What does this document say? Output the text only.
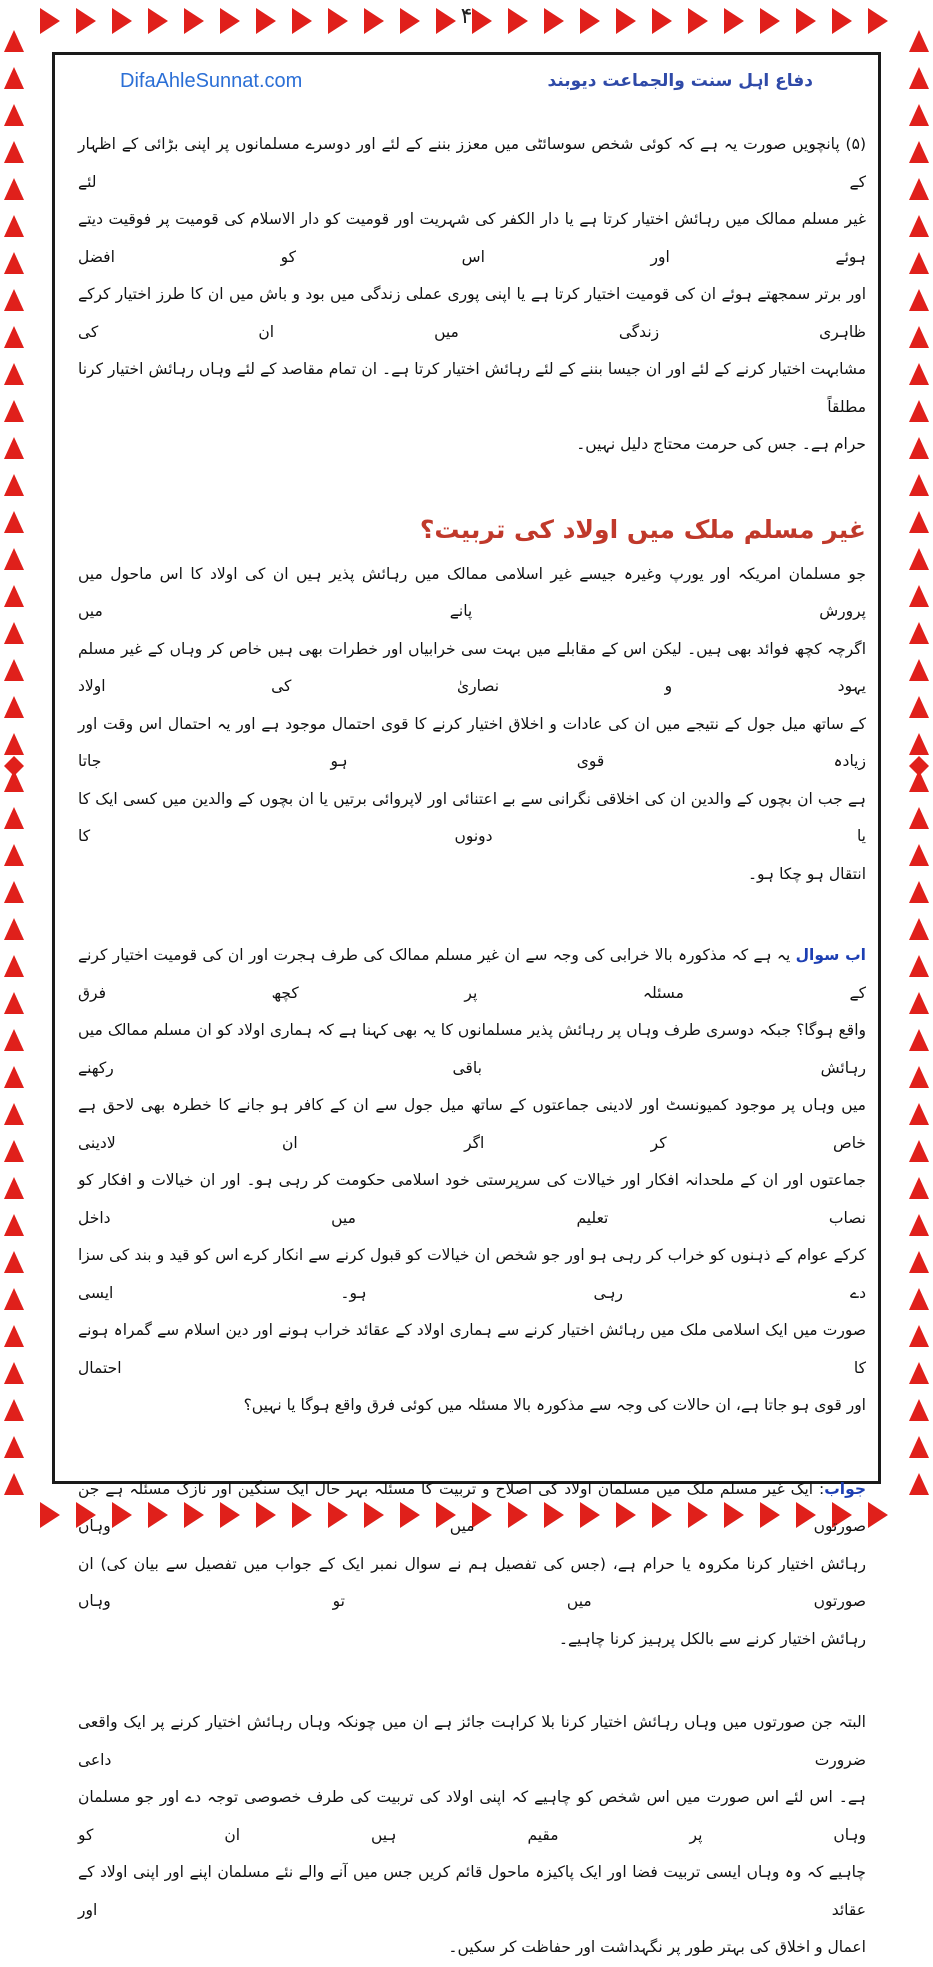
۴
DifaAhleSunnat.com	دفاع اہل سنت والجماعت دیوبند

(۵) پانچویں صورت یہ ہے کہ کوئی شخص سوسائٹی میں معزز بننے کے لئے اور دوسرے مسلمانوں پر اپنی بڑائی کے اظہار کے لئے
غیر مسلم ممالک میں رہائش اختیار کرتا ہے یا دار الکفر کی شہریت اور قومیت کو دار الاسلام کی قومیت پر فوقیت دیتے ہوئے اور اس کو افضل
اور برتر سمجھتے ہوئے ان کی قومیت اختیار کرتا ہے یا اپنی پوری عملی زندگی میں بود و باش میں ان کا طرز اختیار کرکے ظاہری زندگی میں ان کی
مشابہت اختیار کرنے کے لئے اور ان جیسا بننے کے لئے رہائش اختیار کرتا ہے۔ ان تمام مقاصد کے لئے وہاں رہائش اختیار کرنا مطلقاً
حرام ہے۔ جس کی حرمت محتاج دلیل نہیں۔

غیر مسلم ملک میں اولاد کی تربیت؟

جو مسلمان امریکہ اور یورپ وغیرہ جیسے غیر اسلامی ممالک میں رہائش پذیر ہیں ان کی اولاد کا اس ماحول میں پرورش پانے میں
اگرچہ کچھ فوائد بھی ہیں۔ لیکن اس کے مقابلے میں بہت سی خرابیاں اور خطرات بھی ہیں خاص کر وہاں کے غیر مسلم یہود و نصاریٰ کی اولاد
کے ساتھ میل جول کے نتیجے میں ان کی عادات و اخلاق اختیار کرنے کا قوی احتمال موجود ہے اور یہ احتمال اس وقت اور زیادہ قوی ہو جاتا
ہے جب ان بچوں کے والدین ان کی اخلاقی نگرانی سے بے اعتنائی اور لاپروائی برتیں یا ان بچوں کے والدین میں کسی ایک کا یا دونوں کا
انتقال ہو چکا ہو۔

اب سوال یہ ہے کہ مذکورہ بالا خرابی کی وجہ سے ان غیر مسلم ممالک کی طرف ہجرت اور ان کی قومیت اختیار کرنے کے مسئلہ پر کچھ فرق
واقع ہوگا؟ جبکہ دوسری طرف وہاں پر رہائش پذیر مسلمانوں کا یہ بھی کہنا ہے کہ ہماری اولاد کو ان مسلم ممالک میں رہائش باقی رکھنے
میں وہاں پر موجود کمیونسٹ اور لادینی جماعتوں کے ساتھ میل جول سے ان کے کافر ہو جانے کا خطرہ بھی لاحق ہے خاص کر اگر ان لادینی
جماعتوں اور ان کے ملحدانہ افکار اور خیالات کی سرپرستی خود اسلامی حکومت کر رہی ہو۔ اور ان خیالات و افکار کو نصاب تعلیم میں داخل
کرکے عوام کے ذہنوں کو خراب کر رہی ہو اور جو شخص ان خیالات کو قبول کرنے سے انکار کرے اس کو قید و بند کی سزا دے رہی ہو۔ ایسی
صورت میں ایک اسلامی ملک میں رہائش اختیار کرنے سے ہماری اولاد کے عقائد خراب ہونے اور دین اسلام سے گمراہ ہونے کا احتمال
اور قوی ہو جاتا ہے، ان حالات کی وجہ سے مذکورہ بالا مسئلہ میں کوئی فرق واقع ہوگا یا نہیں؟

جواب: ایک غیر مسلم ملک میں مسلمان اولاد کی اصلاح و تربیت کا مسئلہ بہر حال ایک سنگین اور نازک مسئلہ ہے جن صورتوں میں وہاں
رہائش اختیار کرنا مکروہ یا حرام ہے، (جس کی تفصیل ہم نے سوال نمبر ایک کے جواب میں تفصیل سے بیان کی) ان صورتوں میں تو وہاں
رہائش اختیار کرنے سے بالکل پرہیز کرنا چاہیے۔

البتہ جن صورتوں میں وہاں رہائش اختیار کرنا بلا کراہت جائز ہے ان میں چونکہ وہاں رہائش اختیار کرنے پر ایک واقعی ضرورت داعی
ہے۔ اس لئے اس صورت میں اس شخص کو چاہیے کہ اپنی اولاد کی تربیت کی طرف خصوصی توجہ دے اور جو مسلمان وہاں پر مقیم ہیں ان کو
چاہیے کہ وہ وہاں ایسی تربیت فضا اور ایک پاکیزہ ماحول قائم کریں جس میں آنے والے نئے مسلمان اپنے اور اپنی اولاد کے عقائد اور
اعمال و اخلاق کی بہتر طور پر نگہداشت اور حفاظت کر سکیں۔
